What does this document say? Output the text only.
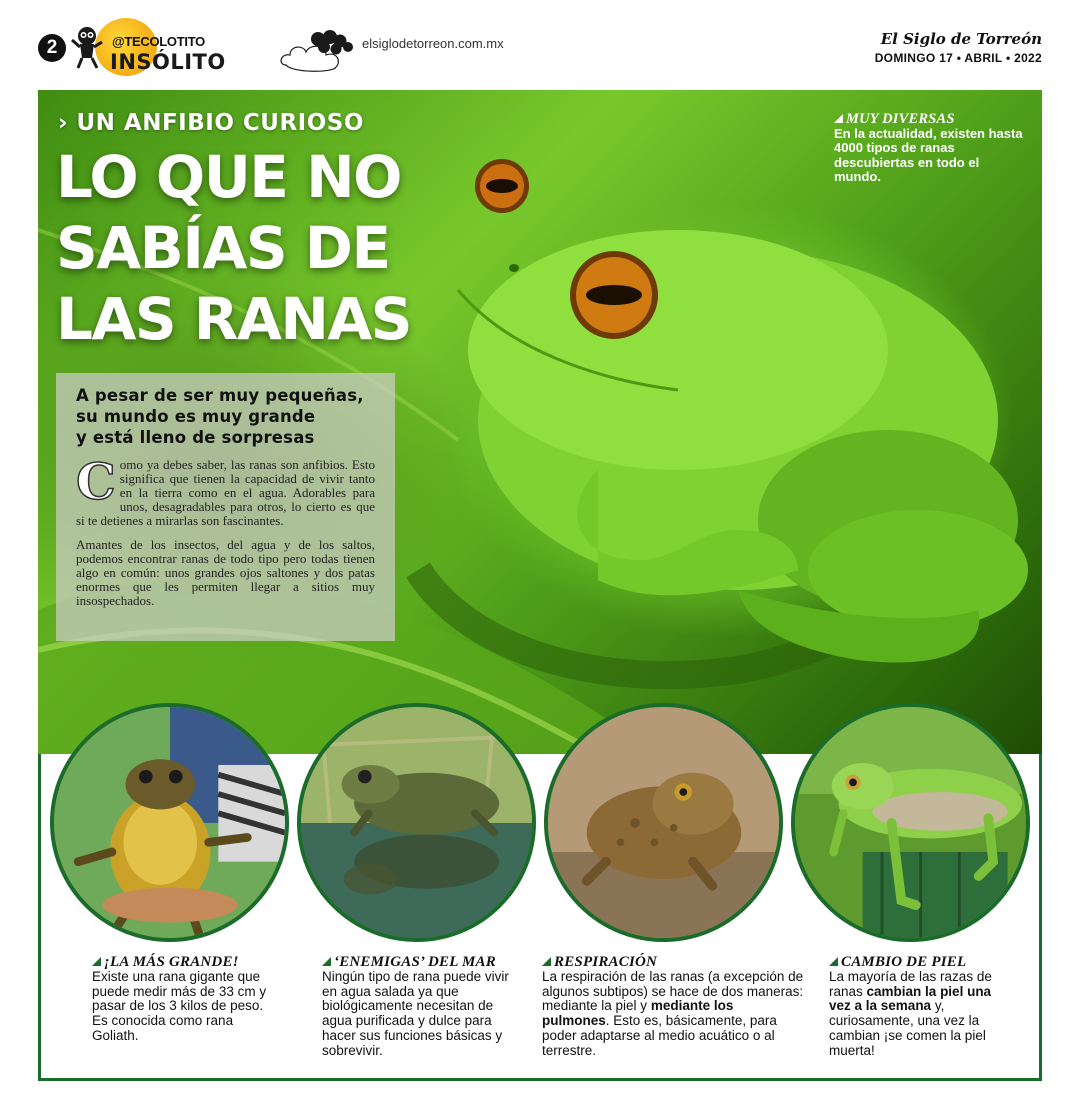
2	@TECOLOTITO
INSÓLITO
elsiglodetorreon.com.mx	El Siglo de Torreón
DOMINGO 17 • ABRIL • 2022
› UN ANFIBIO CURIOSO
LO QUE NO
SABÍAS DE
LAS RANAS
A pesar de ser muy pequeñas,
su mundo es muy grande
y está lleno de sorpresas

Como ya debes saber, las ranas son anfibios. Esto significa que tienen la capacidad de vivir tanto en la tierra como en el agua. Adorables para unos, desagradables para otros, lo cierto es que si te detienes a mirarlas son fascinantes.

Amantes de los insectos, del agua y de los saltos, podemos encontrar ranas de todo tipo pero todas tienen algo en común: unos grandes ojos saltones y dos patas enormes que les permiten llegar a sitios muy insospechados.

MUY DIVERSAS
En la actualidad, existen hasta 4000 tipos de ranas descubiertas en todo el mundo.
¡LA MÁS GRANDE!
Existe una rana gigante que puede medir más de 33 cm y pasar de los 3 kilos de peso. Es conocida como rana Goliath.
‘ENEMIGAS’ DEL MAR
Ningún tipo de rana puede vivir en agua salada ya que biológicamente necesitan de agua purificada y dulce para hacer sus funciones básicas y sobrevivir.
RESPIRACIÓN
La respiración de las ranas (a excepción de algunos subtipos) se hace de dos maneras: mediante la piel y mediante los pulmones. Esto es, básicamente, para poder adaptarse al medio acuático o al terrestre.
CAMBIO DE PIEL
La mayoría de las razas de ranas cambian la piel una vez a la semana y, curiosamente, una vez la cambian ¡se comen la piel muerta!
